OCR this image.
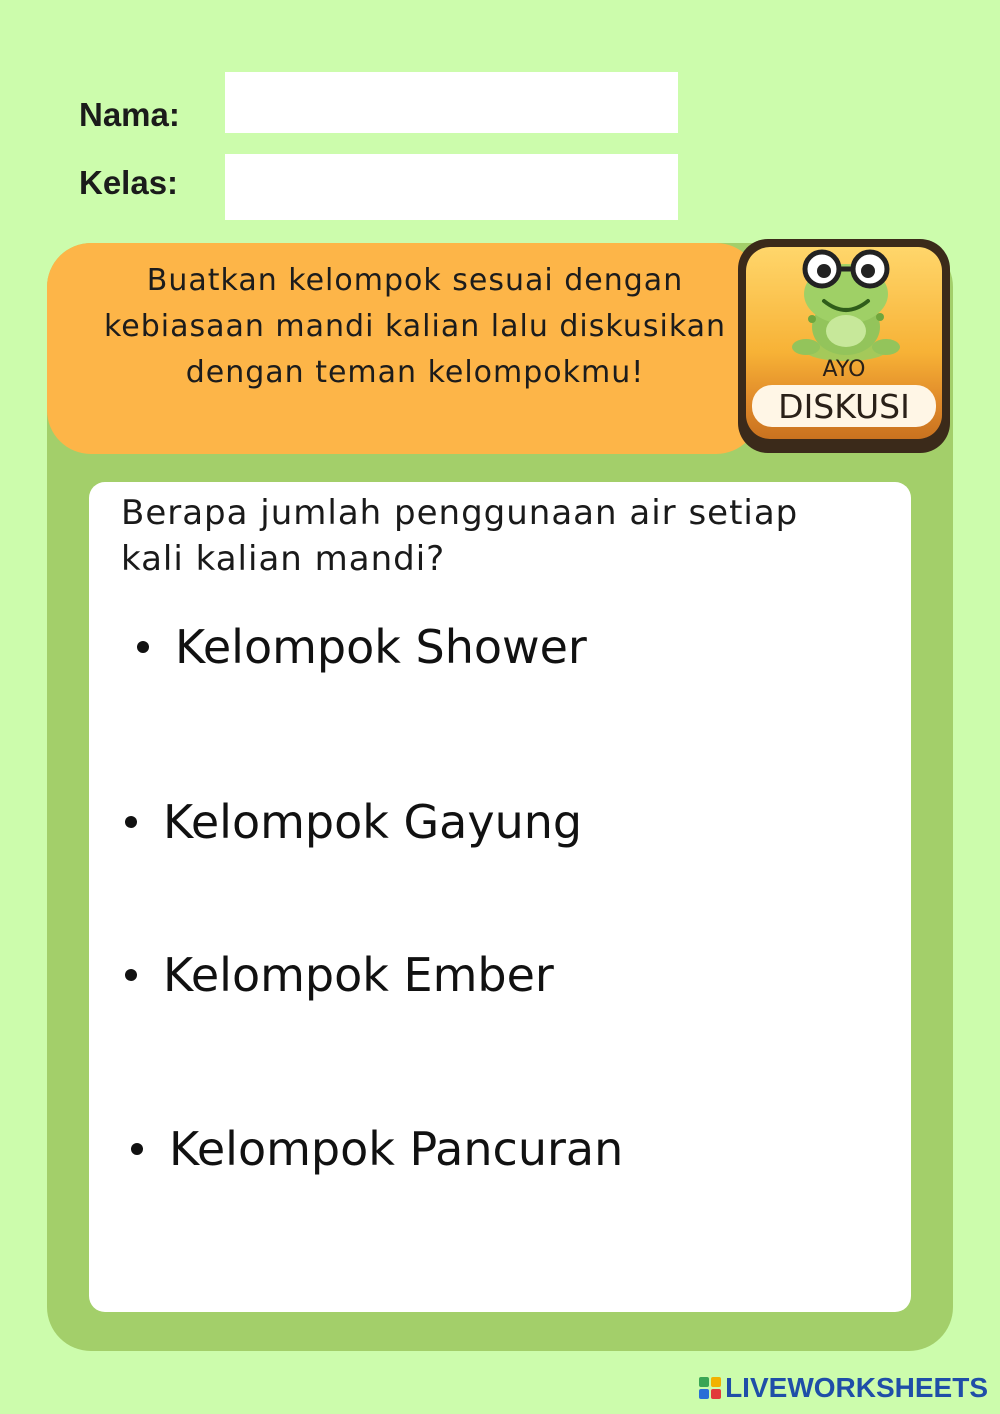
Nama:
Kelas:
Buatkan kelompok sesuai dengan kebiasaan mandi kalian lalu diskusikan dengan teman kelompokmu!	AYO
DISKUSI
Berapa jumlah penggunaan air setiap kali kalian mandi?
Kelompok Shower
Kelompok Gayung
Kelompok Ember
Kelompok Pancuran
LIVEWORKSHEETS
